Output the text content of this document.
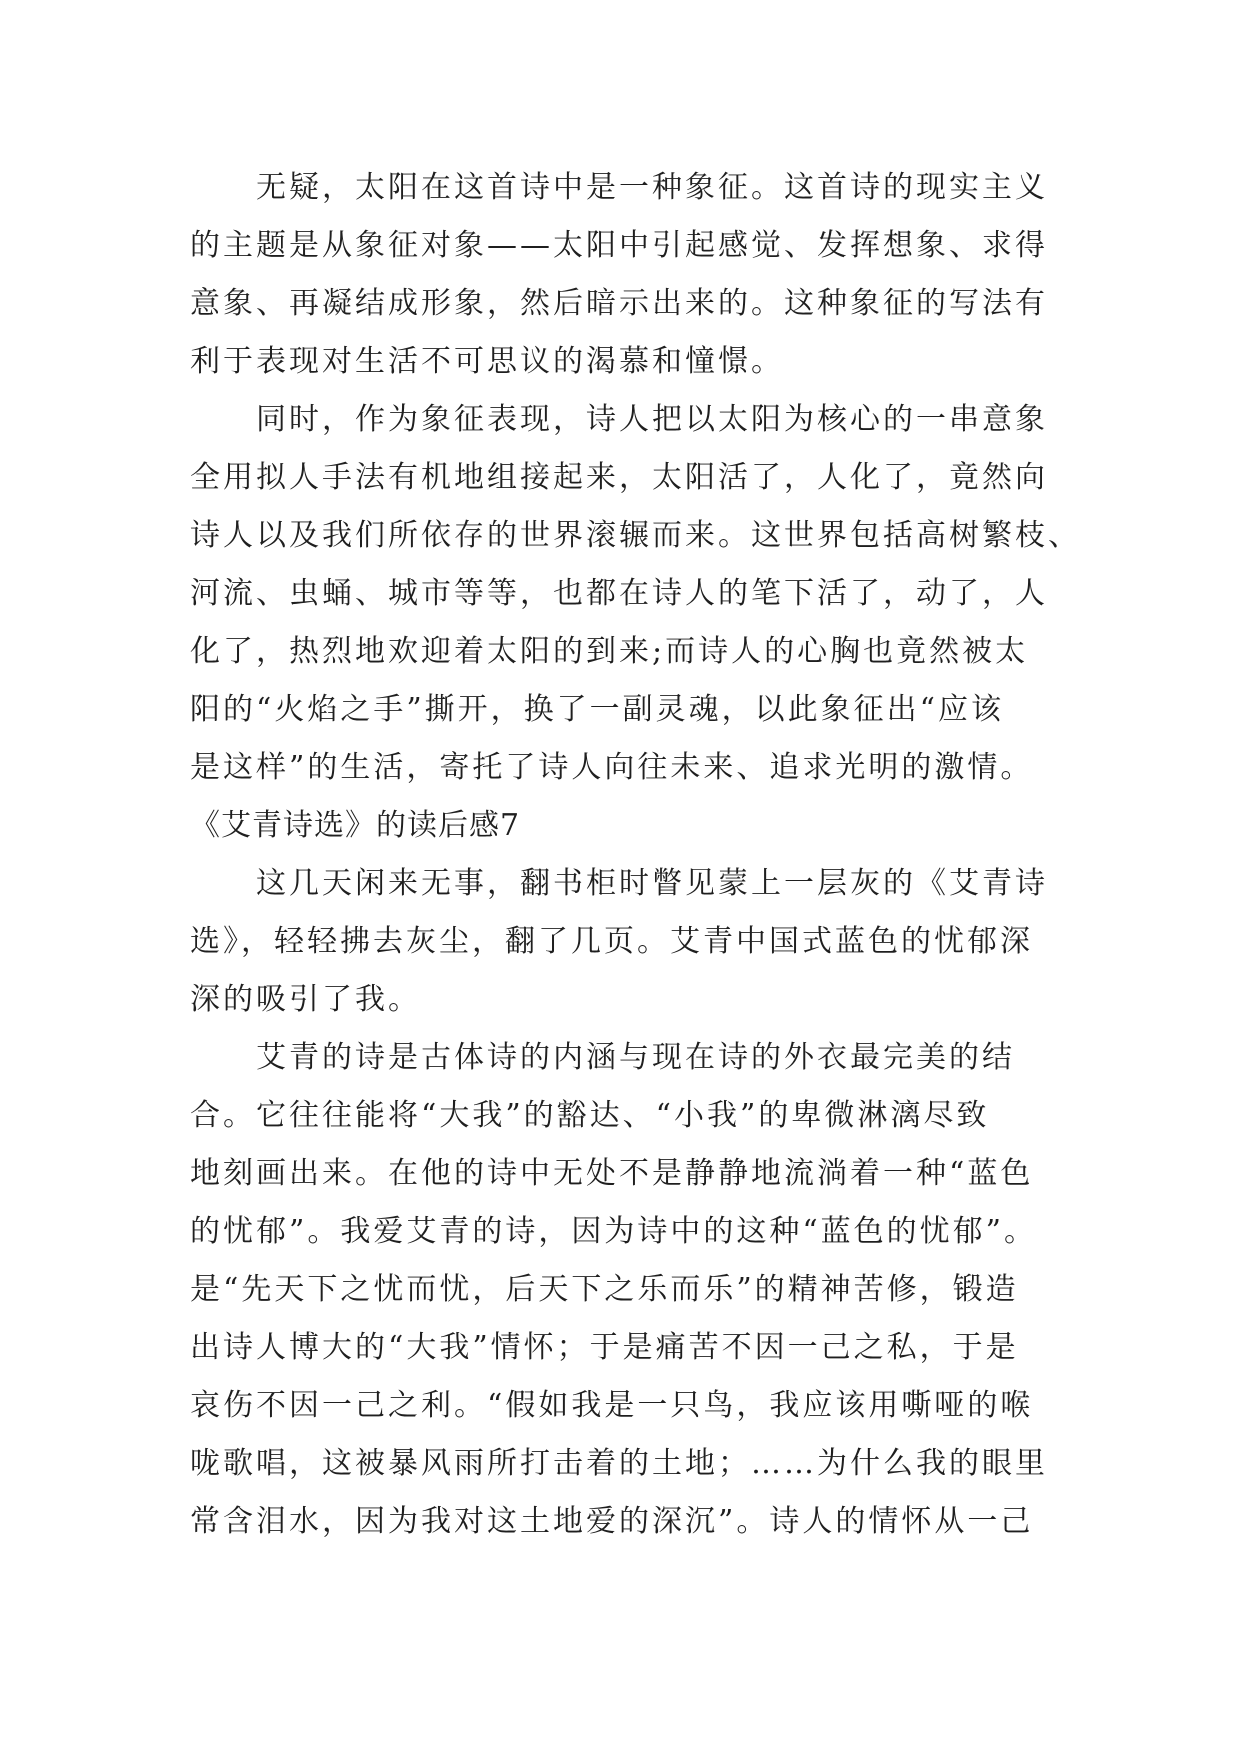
无疑，太阳在这首诗中是一种象征。这首诗的现实主义
的主题是从象征对象——太阳中引起感觉、发挥想象、求得
意象、再凝结成形象，然后暗示出来的。这种象征的写法有
利于表现对生活不可思议的渴慕和憧憬。
同时，作为象征表现，诗人把以太阳为核心的一串意象
全用拟人手法有机地组接起来，太阳活了，人化了，竟然向
诗人以及我们所依存的世界滚辗而来。这世界包括高树繁枝、
河流、虫蛹、城市等等，也都在诗人的笔下活了，动了，人
化了，热烈地欢迎着太阳的到来;而诗人的心胸也竟然被太
阳的“火焰之手”撕开，换了一副灵魂，以此象征出“应该
是这样”的生活，寄托了诗人向往未来、追求光明的激情。
《艾青诗选》的读后感7
这几天闲来无事，翻书柜时瞥见蒙上一层灰的《艾青诗
选》，轻轻拂去灰尘，翻了几页。艾青中国式蓝色的忧郁深
深的吸引了我。
艾青的诗是古体诗的内涵与现在诗的外衣最完美的结
合。它往往能将“大我”的豁达、“小我”的卑微淋漓尽致
地刻画出来。在他的诗中无处不是静静地流淌着一种“蓝色
的忧郁”。我爱艾青的诗，因为诗中的这种“蓝色的忧郁”。
是“先天下之忧而忧，后天下之乐而乐”的精神苦修，锻造
出诗人博大的“大我”情怀；于是痛苦不因一己之私，于是
哀伤不因一己之利。“假如我是一只鸟，我应该用嘶哑的喉
咙歌唱，这被暴风雨所打击着的土地；……为什么我的眼里
常含泪水，因为我对这土地爱的深沉”。诗人的情怀从一己
